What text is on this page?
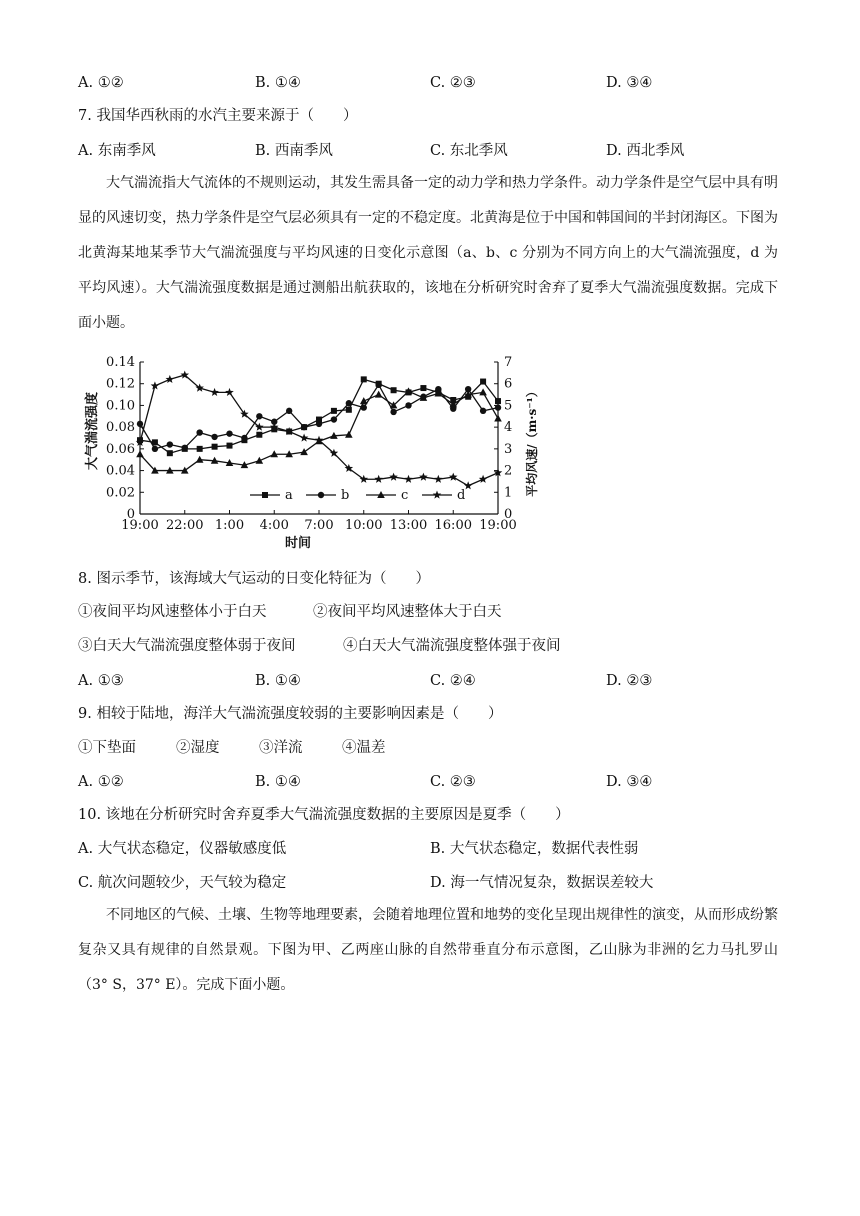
A. ①②	B. ①④	C. ②③	D. ③④
7. 我国华西秋雨的水汽主要来源于（　　）
A. 东南季风	B. 西南季风	C. 东北季风	D. 西北季风
大气湍流指大气流体的不规则运动，其发生需具备一定的动力学和热力学条件。动力学条件是空气层中具有明显的风速切变，热力学条件是空气层必须具有一定的不稳定度。北黄海是位于中国和韩国间的半封闭海区。下图为北黄海某地某季节大气湍流强度与平均风速的日变化示意图（a、b、c 分别为不同方向上的大气湍流强度，d 为平均风速）。大气湍流强度数据是通过测船出航获取的，该地在分析研究时舍弃了夏季大气湍流强度数据。完成下面小题。
0
0.02
0.04
0.06
0.08
0.10
0.12
0.14
0
1
2
3
4
5
6
7
19:00 22:00 1:00 4:00 7:00 10:00 13:00 16:00 19:00
a	b	c	d
大气湍流强度	平均风速/（m·s⁻¹）
时间
8. 图示季节，该海域大气运动的日变化特征为（　　）
①夜间平均风速整体小于白天	②夜间平均风速整体大于白天
③白天大气湍流强度整体弱于夜间	④白天大气湍流强度整体强于夜间
A. ①③	B. ①④	C. ②④	D. ②③
9. 相较于陆地，海洋大气湍流强度较弱的主要影响因素是（　　）
①下垫面	②湿度	③洋流	④温差
A. ①②	B. ①④	C. ②③	D. ③④
10. 该地在分析研究时舍弃夏季大气湍流强度数据的主要原因是夏季（　　）
A. 大气状态稳定，仪器敏感度低	B. 大气状态稳定，数据代表性弱
C. 航次问题较少，天气较为稳定	D. 海一气情况复杂，数据误差较大
不同地区的气候、土壤、生物等地理要素，会随着地理位置和地势的变化呈现出规律性的演变，从而形成纷繁复杂又具有规律的自然景观。下图为甲、乙两座山脉的自然带垂直分布示意图，乙山脉为非洲的乞力马扎罗山（3° S，37° E）。完成下面小题。
